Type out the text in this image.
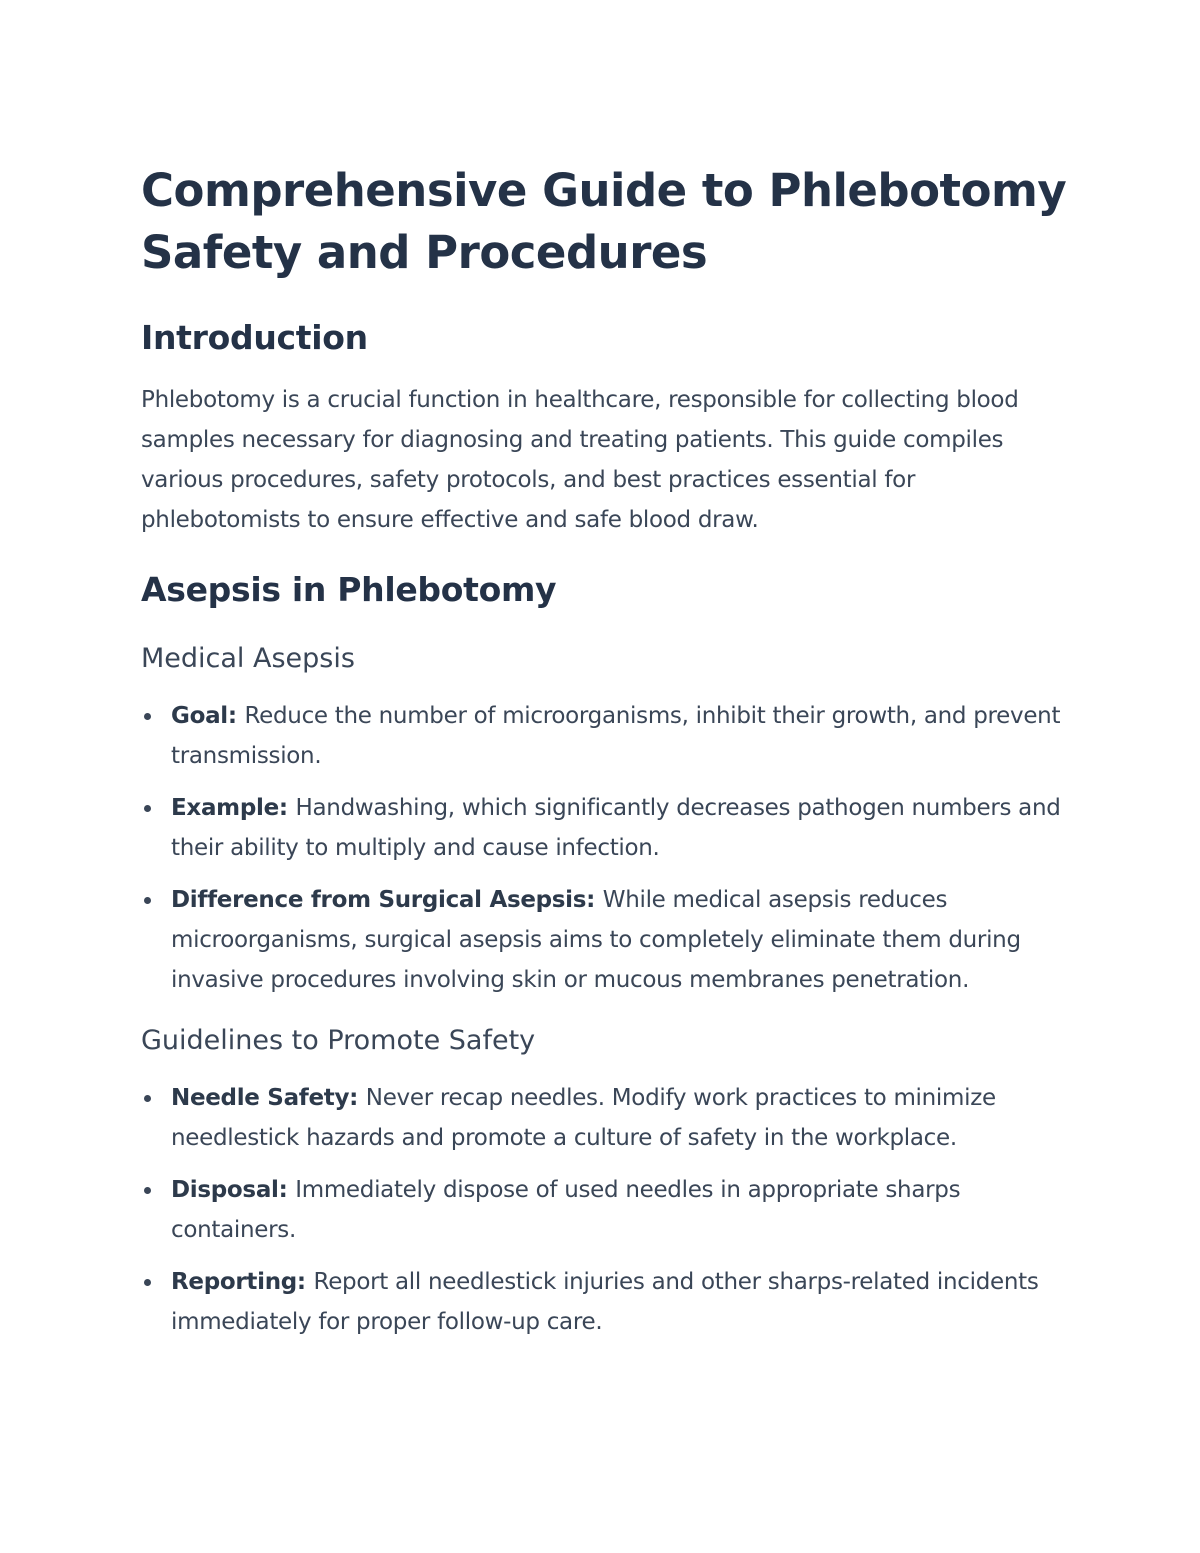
Comprehensive Guide to Phlebotomy Safety and Procedures
Introduction

Phlebotomy is a crucial function in healthcare, responsible for collecting blood samples necessary for diagnosing and treating patients. This guide compiles various procedures, safety protocols, and best practices essential for phlebotomists to ensure effective and safe blood draw.

Asepsis in Phlebotomy
Medical Asepsis
Goal: Reduce the number of microorganisms, inhibit their growth, and prevent transmission.
Example: Handwashing, which significantly decreases pathogen numbers and their ability to multiply and cause infection.
Difference from Surgical Asepsis: While medical asepsis reduces microorganisms, surgical asepsis aims to completely eliminate them during invasive procedures involving skin or mucous membranes penetration.
Guidelines to Promote Safety
Needle Safety: Never recap needles. Modify work practices to minimize needlestick hazards and promote a culture of safety in the workplace.
Disposal: Immediately dispose of used needles in appropriate sharps containers.
Reporting: Report all needlestick injuries and other sharps-related incidents immediately for proper follow-up care.
